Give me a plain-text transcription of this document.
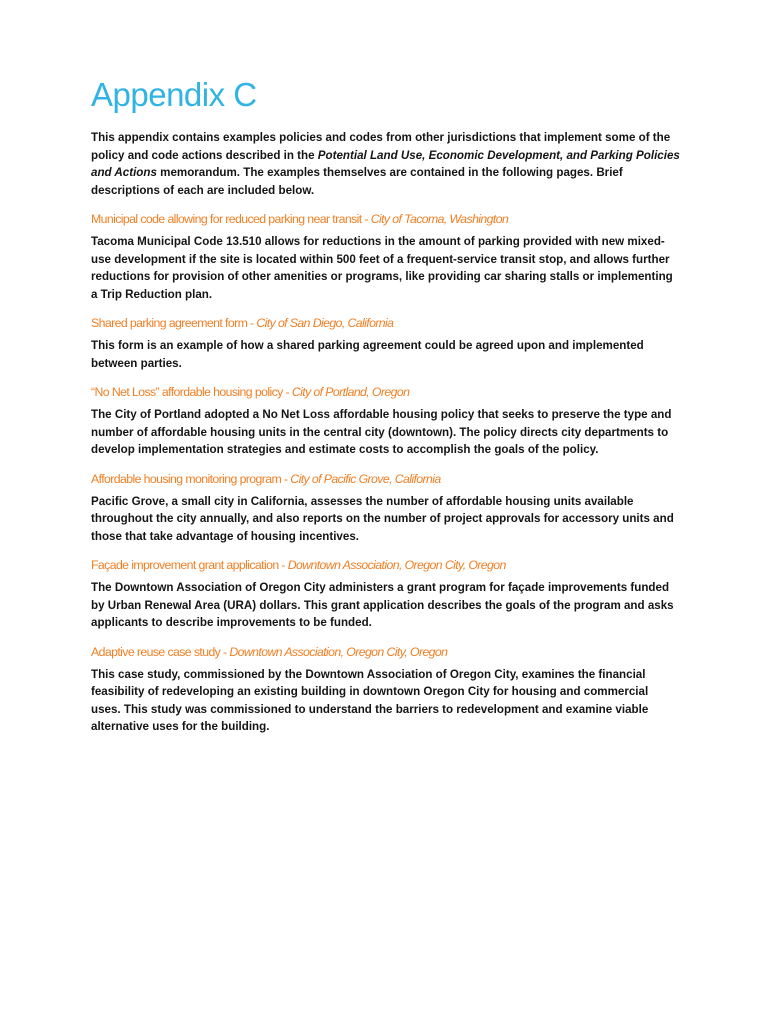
Appendix C

This appendix contains examples policies and codes from other jurisdictions that implement some of the policy and code actions described in the Potential Land Use, Economic Development, and Parking Policies and Actions memorandum. The examples themselves are contained in the following pages. Brief descriptions of each are included below.

Municipal code allowing for reduced parking near transit - City of Tacoma, Washington

Tacoma Municipal Code 13.510 allows for reductions in the amount of parking provided with new mixed-use development if the site is located within 500 feet of a frequent-service transit stop, and allows further reductions for provision of other amenities or programs, like providing car sharing stalls or implementing a Trip Reduction plan.

Shared parking agreement form - City of San Diego, California

This form is an example of how a shared parking agreement could be agreed upon and implemented between parties.

“No Net Loss” affordable housing policy - City of Portland, Oregon

The City of Portland adopted a No Net Loss affordable housing policy that seeks to preserve the type and number of affordable housing units in the central city (downtown). The policy directs city departments to develop implementation strategies and estimate costs to accomplish the goals of the policy.

Affordable housing monitoring program - City of Pacific Grove, California

Pacific Grove, a small city in California, assesses the number of affordable housing units available throughout the city annually, and also reports on the number of project approvals for accessory units and those that take advantage of housing incentives.

Façade improvement grant application - Downtown Association, Oregon City, Oregon

The Downtown Association of Oregon City administers a grant program for façade improvements funded by Urban Renewal Area (URA) dollars. This grant application describes the goals of the program and asks applicants to describe improvements to be funded.

Adaptive reuse case study - Downtown Association, Oregon City, Oregon

This case study, commissioned by the Downtown Association of Oregon City, examines the financial feasibility of redeveloping an existing building in downtown Oregon City for housing and commercial uses. This study was commissioned to understand the barriers to redevelopment and examine viable alternative uses for the building.
